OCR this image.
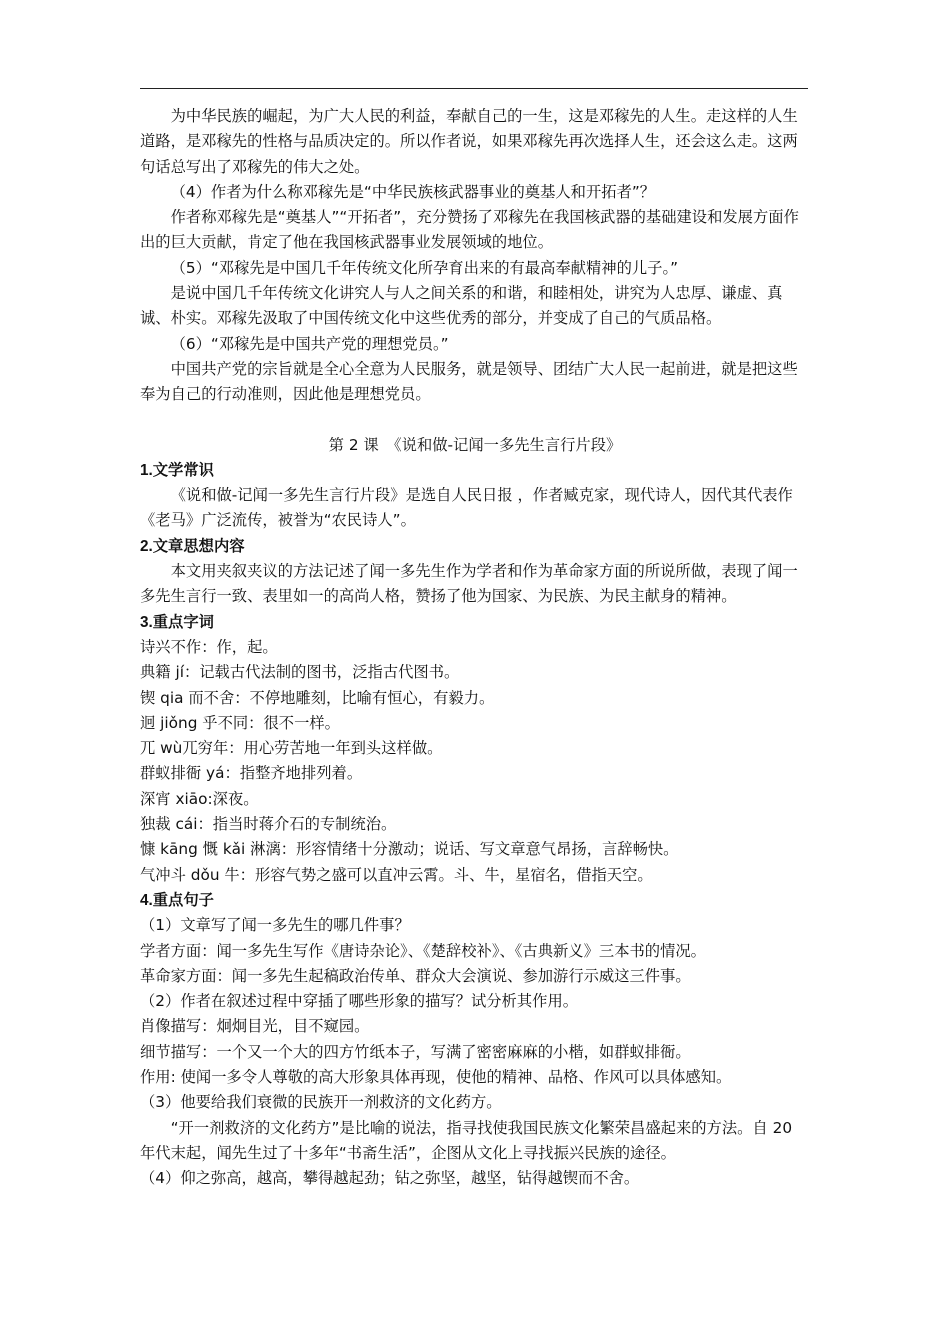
为中华民族的崛起，为广大人民的利益，奉献自己的一生，这是邓稼先的人生。走这样的人生道路，是邓稼先的性格与品质决定的。所以作者说，如果邓稼先再次选择人生，还会这么走。这两句话总写出了邓稼先的伟大之处。

（4）作者为什么称邓稼先是“中华民族核武器事业的奠基人和开拓者”？

作者称邓稼先是“奠基人”“开拓者”，充分赞扬了邓稼先在我国核武器的基础建设和发展方面作出的巨大贡献，肯定了他在我国核武器事业发展领域的地位。

（5）“邓稼先是中国几千年传统文化所孕育出来的有最高奉献精神的儿子。”

是说中国几千年传统文化讲究人与人之间关系的和谐，和睦相处，讲究为人忠厚、谦虚、真诚、朴实。邓稼先汲取了中国传统文化中这些优秀的部分，并变成了自己的气质品格。

（6）“邓稼先是中国共产党的理想党员。”

中国共产党的宗旨就是全心全意为人民服务，就是领导、团结广大人民一起前进，就是把这些奉为自己的行动准则，因此他是理想党员。

第 2 课　《说和做-记闻一多先生言行片段》

1.文学常识

《说和做-记闻一多先生言行片段》是选自人民日报 ，作者臧克家，现代诗人，因代其代表作《老马》广泛流传，被誉为“农民诗人”。

2.文章思想内容

本文用夹叙夹议的方法记述了闻一多先生作为学者和作为革命家方面的所说所做，表现了闻一多先生言行一致、表里如一的高尚人格，赞扬了他为国家、为民族、为民主献身的精神。

3.重点字词

诗兴不作：作，起。

典籍 jí：记载古代法制的图书，泛指古代图书。

锲 qia 而不舍：不停地雕刻，比喻有恒心，有毅力。

迥 jiǒng 乎不同：很不一样。

兀 wù兀穷年：用心劳苦地一年到头这样做。

群蚁排衙 yá：指整齐地排列着。

深宵 xiāo:深夜。

独裁 cái：指当时蒋介石的专制统治。

慷 kāng 慨 kǎi 淋漓：形容情绪十分激动；说话、写文章意气昂扬，言辞畅快。

气冲斗 dǒu 牛：形容气势之盛可以直冲云霄。斗、牛，星宿名，借指天空。

4.重点句子

（1）文章写了闻一多先生的哪几件事？

学者方面：闻一多先生写作《唐诗杂论》、《楚辞校补》、《古典新义》三本书的情况。

革命家方面：闻一多先生起稿政治传单、群众大会演说、参加游行示威这三件事。

（2）作者在叙述过程中穿插了哪些形象的描写？试分析其作用。

肖像描写：炯炯目光，目不窥园。

细节描写：一个又一个大的四方竹纸本子，写满了密密麻麻的小楷，如群蚁排衙。

作用: 使闻一多令人尊敬的高大形象具体再现，使他的精神、品格、作风可以具体感知。

（3）他要给我们衰微的民族开一剂救济的文化药方。

“开一剂救济的文化药方”是比喻的说法，指寻找使我国民族文化繁荣昌盛起来的方法。自 20 年代末起，闻先生过了十多年“书斋生活”，企图从文化上寻找振兴民族的途径。

（4）仰之弥高，越高，攀得越起劲；钻之弥坚，越坚，钻得越锲而不舍。
